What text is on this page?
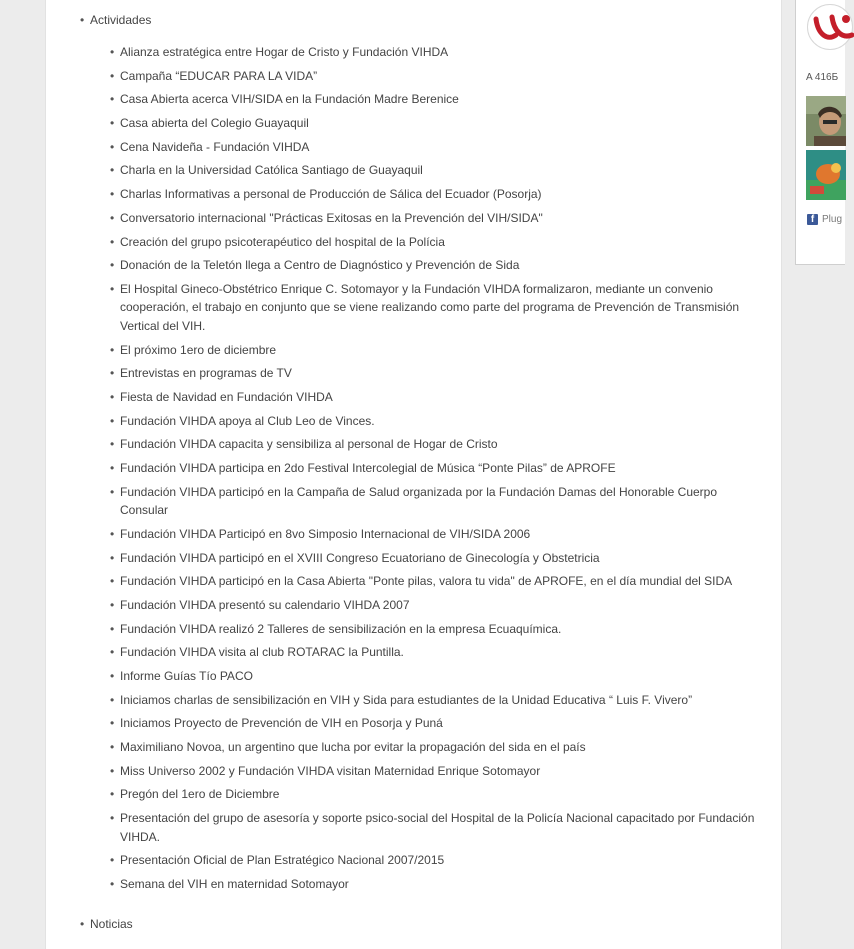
• Actividades
• Alianza estratégica entre Hogar de Cristo y Fundación VIHDA
• Campaña “EDUCAR PARA LA VIDA”
• Casa Abierta acerca VIH/SIDA en la Fundación Madre Berenice
• Casa abierta del Colegio Guayaquil
• Cena Navideña - Fundación VIHDA
• Charla en la Universidad Católica Santiago de Guayaquil
• Charlas Informativas a personal de Producción de Sálica del Ecuador (Posorja)
• Conversatorio internacional "Prácticas Exitosas en la Prevención del VIH/SIDA"
• Creación del grupo psicoterapéutico del hospital de la Polícia
• Donación de la Teletón llega a Centro de Diagnóstico y Prevención de Sida
• El Hospital Gineco-Obstétrico Enrique C. Sotomayor y la Fundación VIHDA formalizaron, mediante un convenio cooperación, el trabajo en conjunto que se viene realizando como parte del programa de Prevención de Transmisión Vertical del VIH.
• El próximo 1ero de diciembre
• Entrevistas en programas de TV
• Fiesta de Navidad en Fundación VIHDA
• Fundación VIHDA apoya al Club Leo de Vinces.
• Fundación VIHDA capacita y sensibiliza al personal de Hogar de Cristo
• Fundación VIHDA participa en 2do Festival Intercolegial de Música “Ponte Pilas” de APROFE
• Fundación VIHDA participó en la Campaña de Salud organizada por la Fundación Damas del Honorable Cuerpo Consular
• Fundación VIHDA Participó en 8vo Simposio Internacional de VIH/SIDA 2006
• Fundación VIHDA participó en el XVIII Congreso Ecuatoriano de Ginecología y Obstetricia
• Fundación VIHDA participó en la Casa Abierta "Ponte pilas, valora tu vida" de APROFE, en el día mundial del SIDA
• Fundación VIHDA presentó su calendario VIHDA 2007
• Fundación VIHDA realizó 2 Talleres de sensibilización en la empresa Ecuaquímica.
• Fundación VIHDA visita al club ROTARAC la Puntilla.
• Informe Guías Tío PACO
• Iniciamos charlas de sensibilización en VIH y Sida para estudiantes de la Unidad Educativa “ Luis F. Vivero”
• Iniciamos Proyecto de Prevención de VIH en Posorja y Puná
• Maximiliano Novoa, un argentino que lucha por evitar la propagación del sida en el país
• Miss Universo 2002 y Fundación VIHDA visitan Maternidad Enrique Sotomayor
• Pregón del 1ero de Diciembre
• Presentación del grupo de asesoría y soporte psico-social del Hospital de la Policía Nacional capacitado por Fundación VIHDA.
• Presentación Oficial de Plan Estratégico Nacional 2007/2015
• Semana del VIH en maternidad Sotomayor
• Noticias
A 416Б
f Plug
